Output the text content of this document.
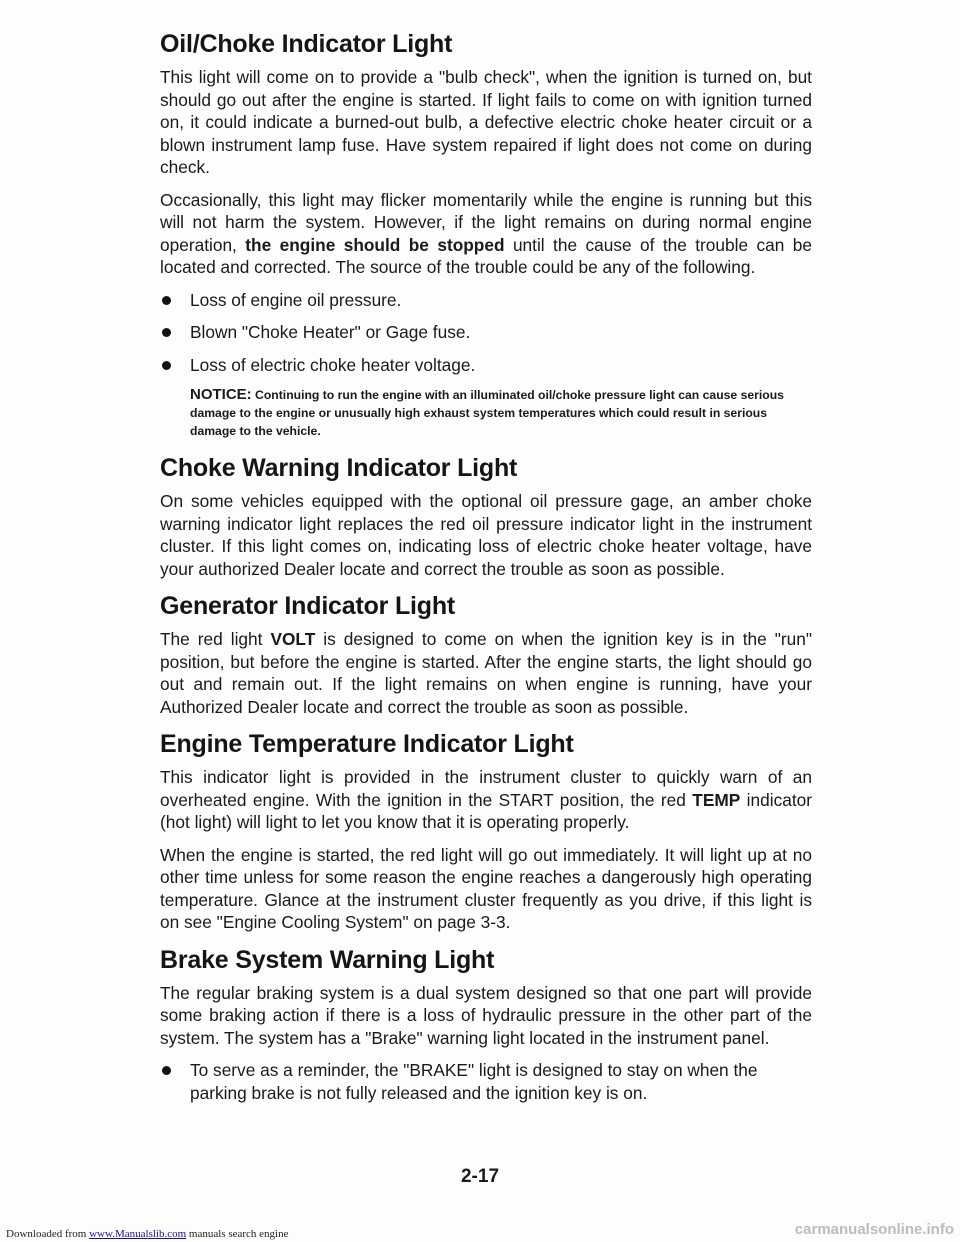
Oil/Choke Indicator Light

This light will come on to provide a "bulb check", when the ignition is turned on, but should go out after the engine is started. If light fails to come on with ignition turned on, it could indicate a burned-out bulb, a defective electric choke heater circuit or a blown instrument lamp fuse. Have system repaired if light does not come on during check.

Occasionally, this light may flicker momentarily while the engine is running but this will not harm the system. However, if the light remains on during normal engine operation, the engine should be stopped until the cause of the trouble can be located and corrected. The source of the trouble could be any of the following.

Loss of engine oil pressure.
Blown "Choke Heater" or Gage fuse.
Loss of electric choke heater voltage.
NOTICE: Continuing to run the engine with an illuminated oil/choke pressure light can cause serious damage to the engine or unusually high exhaust system temperatures which could result in serious damage to the vehicle.
Choke Warning Indicator Light

On some vehicles equipped with the optional oil pressure gage, an amber choke warning indicator light replaces the red oil pressure indicator light in the instrument cluster. If this light comes on, indicating loss of electric choke heater voltage, have your authorized Dealer locate and correct the trouble as soon as possible.

Generator Indicator Light

The red light VOLT is designed to come on when the ignition key is in the "run" position, but before the engine is started. After the engine starts, the light should go out and remain out. If the light remains on when engine is running, have your Authorized Dealer locate and correct the trouble as soon as possible.

Engine Temperature Indicator Light

This indicator light is provided in the instrument cluster to quickly warn of an overheated engine. With the ignition in the START position, the red TEMP indicator (hot light) will light to let you know that it is operating properly.

When the engine is started, the red light will go out immediately. It will light up at no other time unless for some reason the engine reaches a dangerously high operating temperature. Glance at the instrument cluster frequently as you drive, if this light is on see "Engine Cooling System" on page 3-3.

Brake System Warning Light

The regular braking system is a dual system designed so that one part will provide some braking action if there is a loss of hydraulic pressure in the other part of the system. The system has a "Brake" warning light located in the instrument panel.

To serve as a reminder, the "BRAKE" light is designed to stay on when the parking brake is not fully released and the ignition key is on.
2-17
Downloaded from www.Manualslib.com manuals search engine	carmanualsonline.info
